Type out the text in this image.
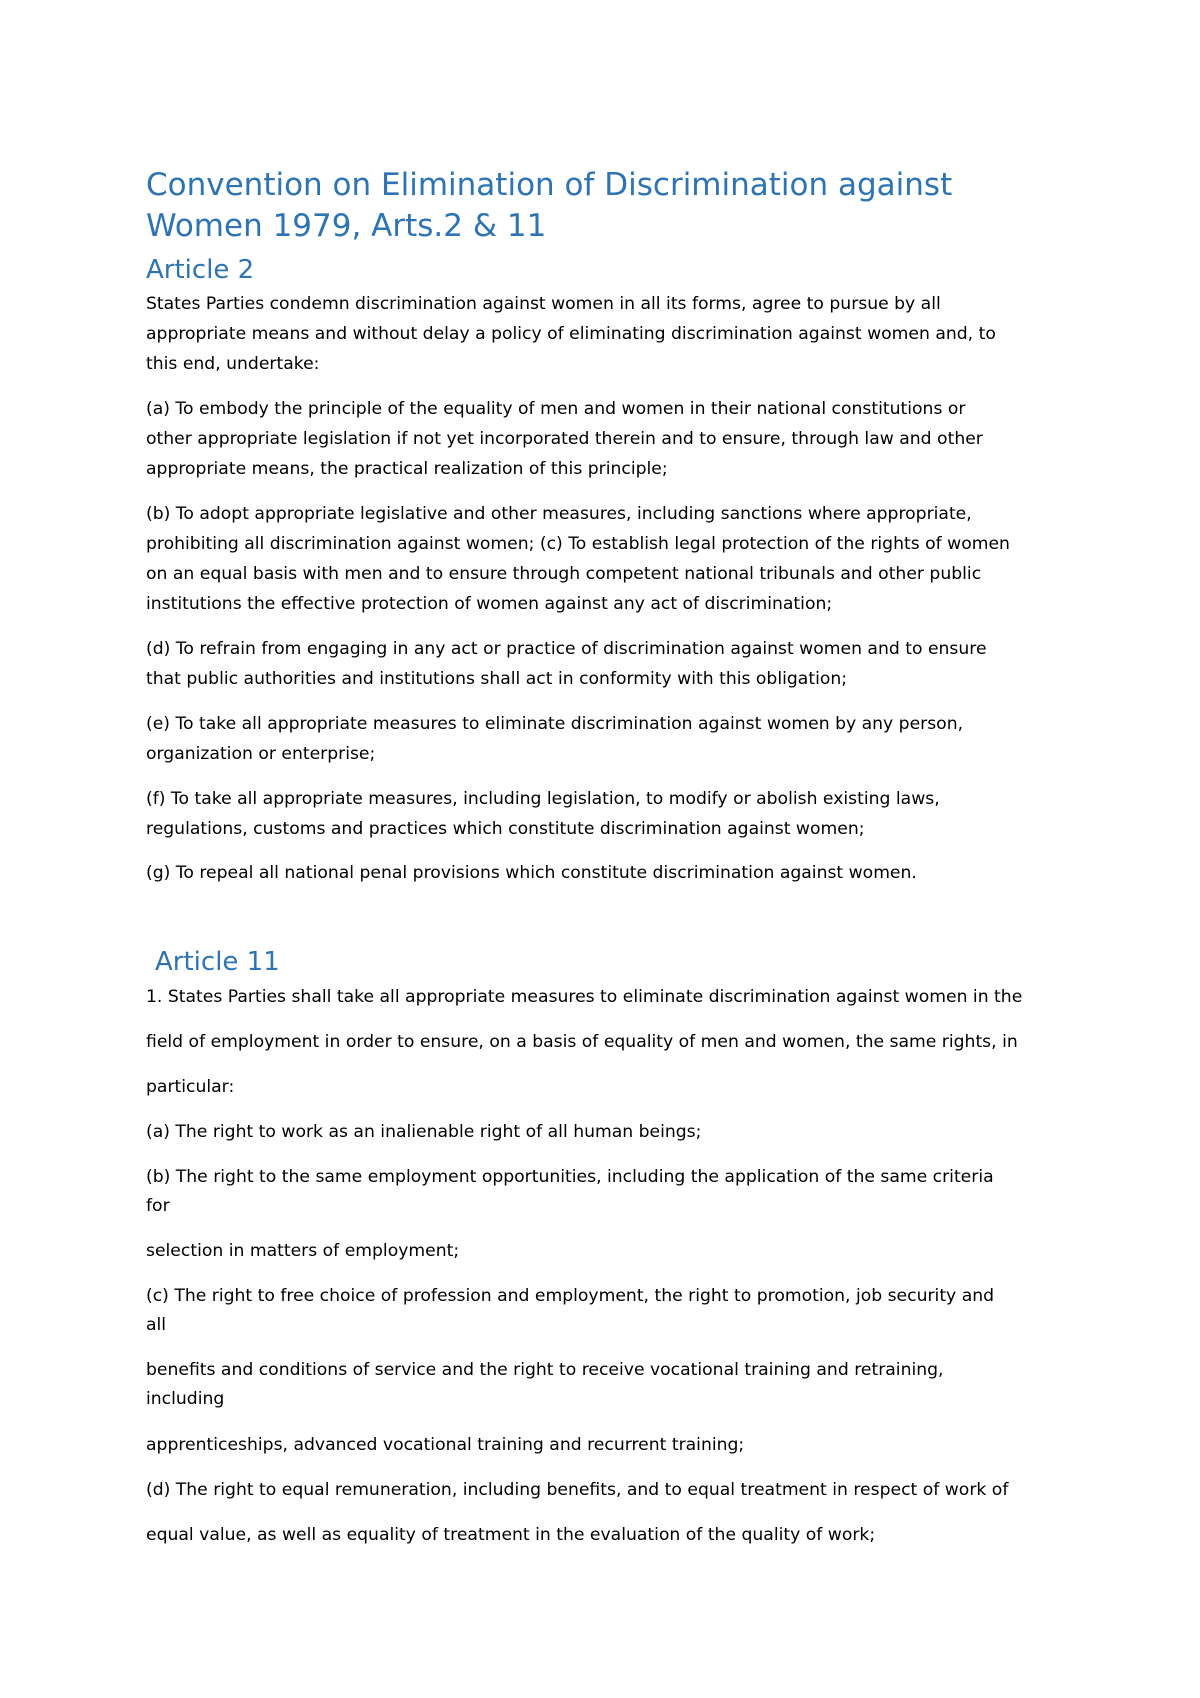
Convention on Elimination of Discrimination against
Women 1979, Arts.2 & 11
Article 2

States Parties condemn discrimination against women in all its forms, agree to pursue by all
appropriate means and without delay a policy of eliminating discrimination against women and, to
this end, undertake:

(a) To embody the principle of the equality of men and women in their national constitutions or
other appropriate legislation if not yet incorporated therein and to ensure, through law and other
appropriate means, the practical realization of this principle;

(b) To adopt appropriate legislative and other measures, including sanctions where appropriate,
prohibiting all discrimination against women; (c) To establish legal protection of the rights of women
on an equal basis with men and to ensure through competent national tribunals and other public
institutions the effective protection of women against any act of discrimination;

(d) To refrain from engaging in any act or practice of discrimination against women and to ensure
that public authorities and institutions shall act in conformity with this obligation;

(e) To take all appropriate measures to eliminate discrimination against women by any person,
organization or enterprise;

(f) To take all appropriate measures, including legislation, to modify or abolish existing laws,
regulations, customs and practices which constitute discrimination against women;

(g) To repeal all national penal provisions which constitute discrimination against women.

Article 11

1. States Parties shall take all appropriate measures to eliminate discrimination against women in the

field of employment in order to ensure, on a basis of equality of men and women, the same rights, in

particular:

(a) The right to work as an inalienable right of all human beings;

(b) The right to the same employment opportunities, including the application of the same criteria

for

selection in matters of employment;

(c) The right to free choice of profession and employment, the right to promotion, job security and

all

benefits and conditions of service and the right to receive vocational training and retraining,

including

apprenticeships, advanced vocational training and recurrent training;

(d) The right to equal remuneration, including benefits, and to equal treatment in respect of work of

equal value, as well as equality of treatment in the evaluation of the quality of work;
